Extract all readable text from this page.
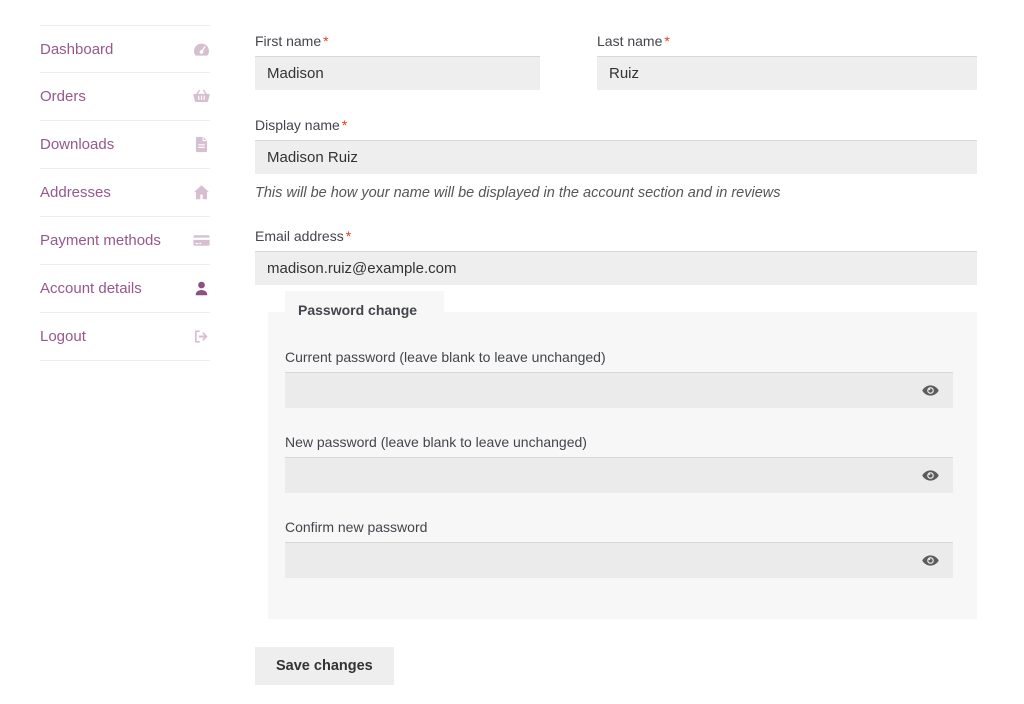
Dashboard
Orders
Downloads
Addresses
Payment methods
Account details
Logout
First name *
Madison	Last name *
Ruiz
Display name *
Madison Ruiz
This will be how your name will be displayed in the account section and in reviews
Email address *
madison.ruiz@example.com
Password change
Current password (leave blank to leave unchanged)
New password (leave blank to leave unchanged)
Confirm new password
Save changes
